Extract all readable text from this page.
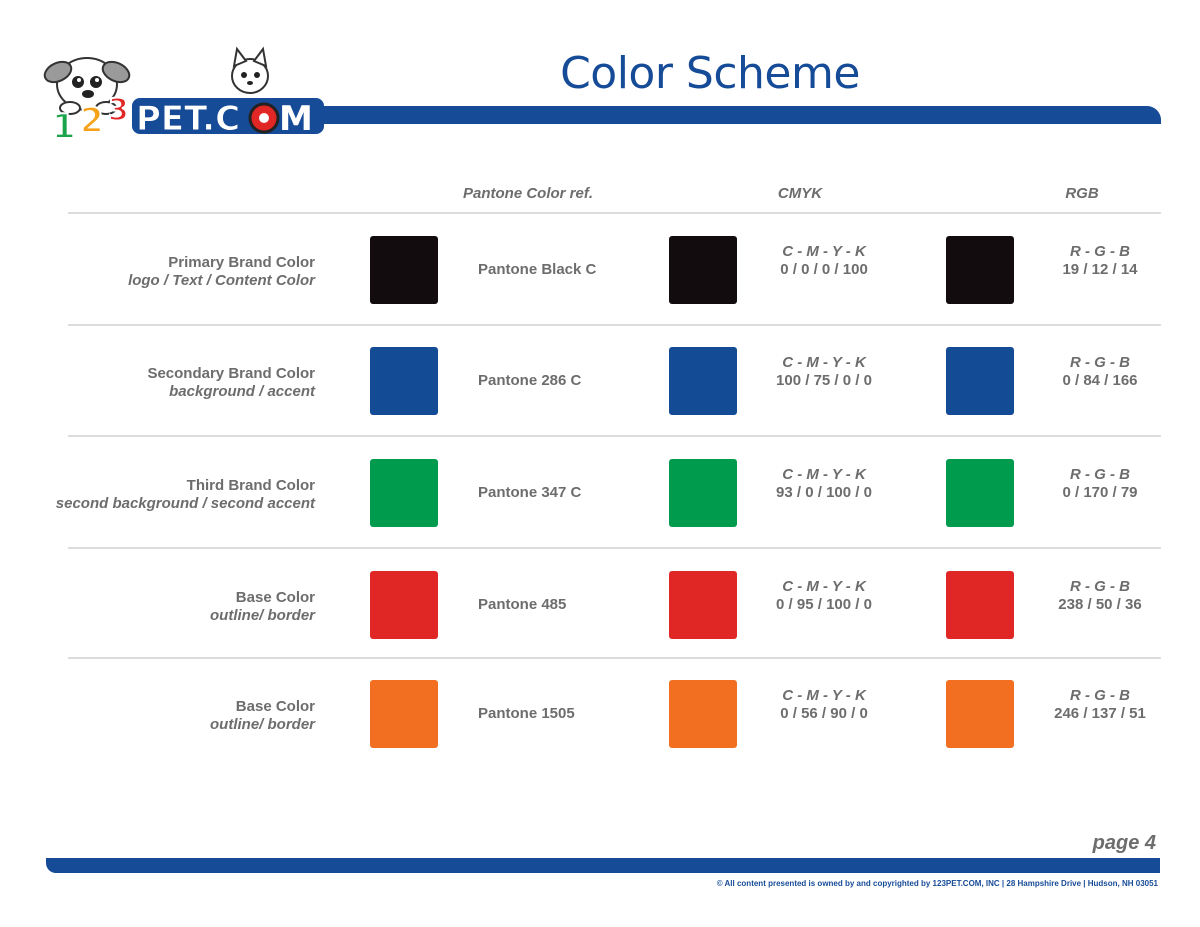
1 2 3 PET.C M
Color Scheme
Pantone Color ref.	CMYK	RGB
Primary Brand Color
logo / Text / Content Color
Pantone Black C
C - M - Y - K
0 / 0 / 0 / 100
R - G - B
19 / 12 / 14
Secondary Brand Color
background / accent
Pantone 286 C
C - M - Y - K
100 / 75 / 0 / 0
R - G - B
0 / 84 / 166
Third Brand Color
second background / second accent
Pantone 347 C
C - M - Y - K
93 / 0 / 100 / 0
R - G - B
0 / 170 / 79
Base Color
outline/ border
Pantone 485
C - M - Y - K
0 / 95 / 100 / 0
R - G - B
238 / 50 / 36
Base Color
outline/ border
Pantone 1505
C - M - Y - K
0 / 56 / 90 / 0
R - G - B
246 / 137 / 51
page 4
© All content presented is owned by and copyrighted by 123PET.COM, INC | 28 Hampshire Drive | Hudson, NH 03051
